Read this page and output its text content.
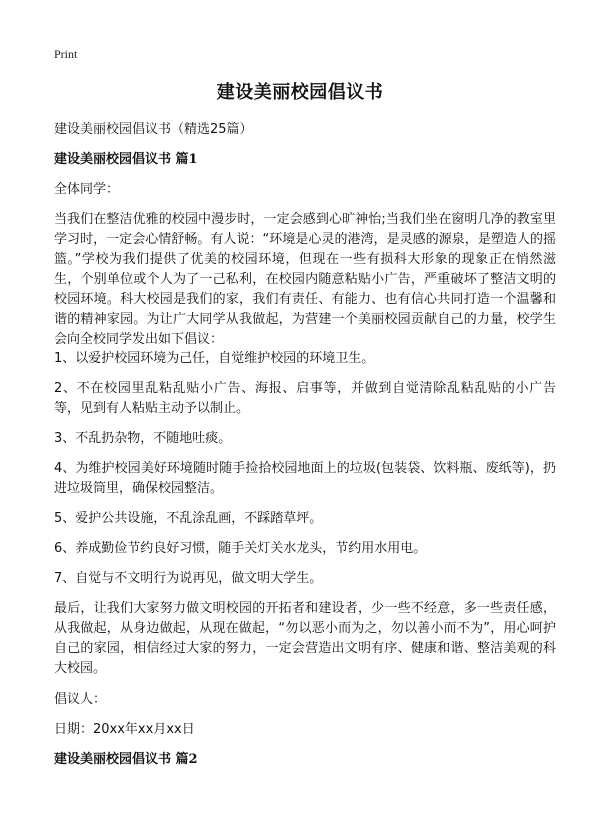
Print
建设美丽校园倡议书
建设美丽校园倡议书（精选25篇）
建设美丽校园倡议书 篇1
全体同学：
当我们在整洁优雅的校园中漫步时，一定会感到心旷神怡;当我们坐在窗明几净的教室里学习时，一定会心情舒畅。有人说：“环境是心灵的港湾，是灵感的源泉，是塑造人的摇篮。”学校为我们提供了优美的校园环境，但现在一些有损科大形象的现象正在悄然滋生，个别单位或个人为了一己私利，在校园内随意粘贴小广告，严重破坏了整洁文明的校园环境。科大校园是我们的家，我们有责任、有能力、也有信心共同打造一个温馨和谐的精神家园。为让广大同学从我做起，为营建一个美丽校园贡献自己的力量，校学生会向全校同学发出如下倡议：
1、以爱护校园环境为己任，自觉维护校园的环境卫生。
2、不在校园里乱粘乱贴小广告、海报、启事等，并做到自觉清除乱粘乱贴的小广告等，见到有人粘贴主动予以制止。
3、不乱扔杂物，不随地吐痰。
4、为维护校园美好环境随时随手捡拾校园地面上的垃圾(包装袋、饮料瓶、废纸等)，扔进垃圾筒里，确保校园整洁。
5、爱护公共设施，不乱涂乱画，不踩踏草坪。
6、养成勤俭节约良好习惯，随手关灯关水龙头，节约用水用电。
7、自觉与不文明行为说再见，做文明大学生。
最后，让我们大家努力做文明校园的开拓者和建设者，少一些不经意，多一些责任感，从我做起，从身边做起，从现在做起，“勿以恶小而为之，勿以善小而不为”，用心呵护自己的家园，相信经过大家的努力，一定会营造出文明有序、健康和谐、整洁美观的科大校园。
倡议人：
日期：20xx年xx月xx日
建设美丽校园倡议书 篇2
